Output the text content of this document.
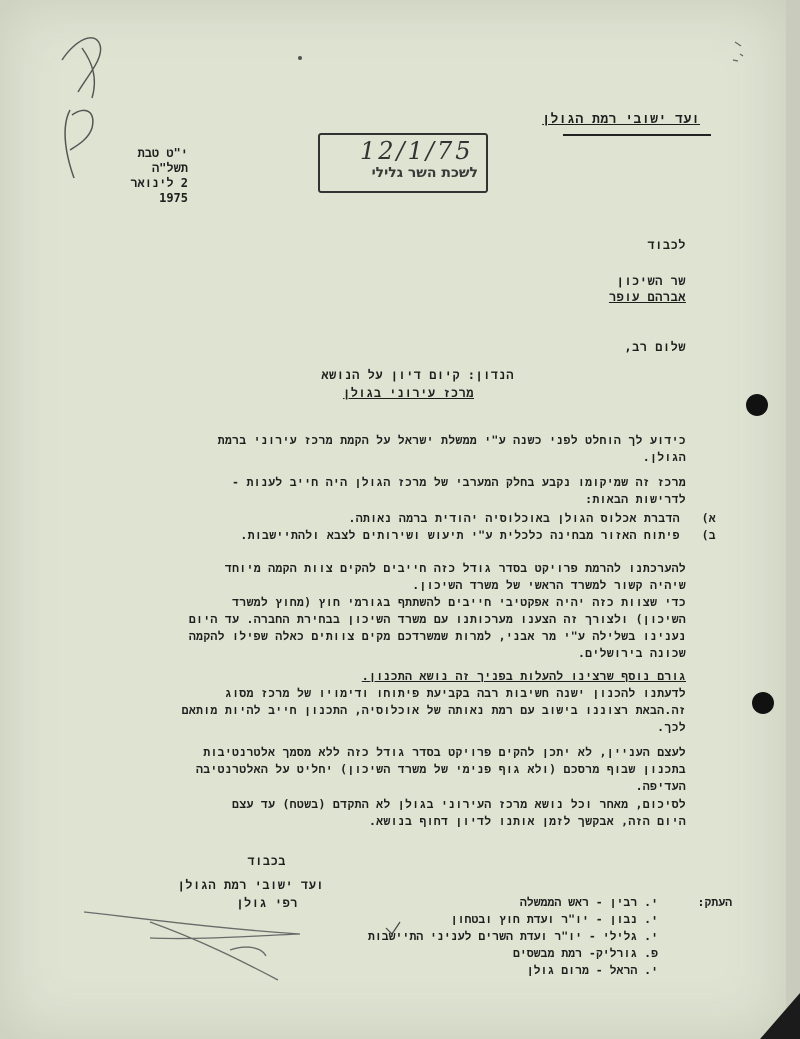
ועד ישובי רמת הגולן
י"ט טבת תשל"ה
2 לינואר 1975
12/1/75
לשכת השר גלילי
לכבוד
שר השיכון
אברהם עופר
שלום רב,
הנדון: קיום דיון על הנושא
מרכז עירוני בגולן
כידוע לך הוחלט לפני כשנה ע"י ממשלת ישראל על הקמת מרכז עירוני ברמת
הגולן.
מרכז זה שמיקומו נקבע בחלק המערבי של מרכז הגולן היה חייב לענות -
לדרישות הבאות:
א)   הדברת אכלוס הגולן באוכלוסיה יהודית ברמה נאותה.
ב)   פיתוח האזור מבחינה כלכלית ע"י תיעוש ושירותים לצבא ולהתיישבות.
להערכתנו להרמת פרויקט בסדר גודל כזה חייבים להקים צוות הקמה מיוחד
שיהיה קשור למשרד הראשי של משרד השיכון.
כדי שצוות כזה יהיה אפקטיבי חייבים להשתתף בגורמי חוץ (מחוץ למשרד
השיכון) ולצורך זה הצענו מערכותנו עם משרד השיכון בבחירת החברה. עד היום
נענינו בשלילה ע"י מר אבני, למרות שמשרדכם מקים צוותים כאלה שפילו להקמה
שכונה בירושלים.
גורם נוסף שרצינו להעלות בפניך זה נושא התכנון.
לדעתנו להכנון ישנה חשיבות רבה בקביעת פיתוחו ודימויו של מרכז מסוג
זה.הבאת רצוננו בישוב עם רמת נאותה של אוכלוסיה, התכנון חייב להיות מותאם
לכך.
לעצם העניין, לא יתכן להקים פרויקט בסדר גודל כזה ללא מסמך אלטרנטיבות
בתכנון שבוף מרסכם (ולא גוף פנימי של משרד השיכון) יחליט על האלטרנטיבה
העדיפה.
לסיכום, מאחר וכל נושא מרכז העירוני בגולן לא התקדם (בשטח) עד עצם
היום הזה, אבקשך לזמן אותנו לדיון דחוף בנושא.
בכבוד
ועד ישובי רמת הגולן
רפי גולן	העתק:
י. רבין - ראש הממשלה
י. נבון - יו"ר ועדת חוץ ובטחון
י. גלילי - יו"ר ועדת השרים לעניני התיישבות
פ. גורליק- רמת מבשסים
י. הראל - מרום גולן
